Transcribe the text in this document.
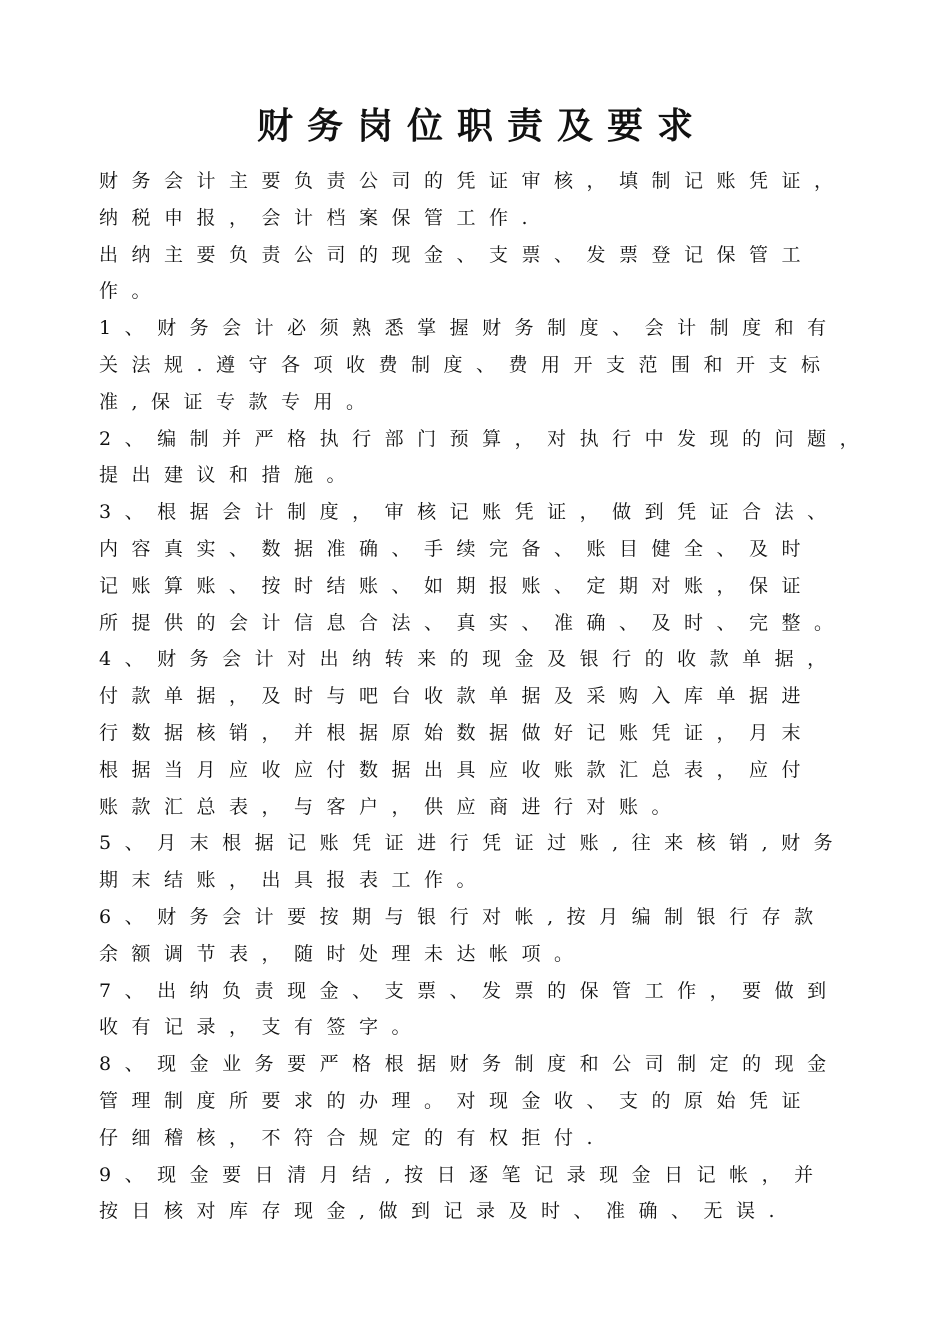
财务岗位职责及要求
财务会计主要负责公司的凭证审核，填制记账凭证，
纳税申报，会计档案保管工作.
出纳主要负责公司的现金、支票、发票登记保管工
作。
1、财务会计必须熟悉掌握财务制度、会计制度和有
关法规.遵守各项收费制度、费用开支范围和开支标
准,保证专款专用。
2、编制并严格执行部门预算，对执行中发现的问题，
提出建议和措施。
3、根据会计制度，审核记账凭证，做到凭证合法、
内容真实、数据准确、手续完备、账目健全、及时
记账算账、按时结账、如期报账、定期对账，保证
所提供的会计信息合法、真实、准确、及时、完整。
4、财务会计对出纳转来的现金及银行的收款单据，
付款单据，及时与吧台收款单据及采购入库单据进
行数据核销，并根据原始数据做好记账凭证，月末
根据当月应收应付数据出具应收账款汇总表，应付
账款汇总表，与客户，供应商进行对账。
5、月末根据记账凭证进行凭证过账,往来核销,财务
期末结账，出具报表工作。
6、财务会计要按期与银行对帐,按月编制银行存款
余额调节表，随时处理未达帐项。
7、出纳负责现金、支票、发票的保管工作，要做到
收有记录，支有签字。
8、现金业务要严格根据财务制度和公司制定的现金
管理制度所要求的办理。对现金收、支的原始凭证
仔细稽核，不符合规定的有权拒付.
9、现金要日清月结,按日逐笔记录现金日记帐，并
按日核对库存现金,做到记录及时、准确、无误.
